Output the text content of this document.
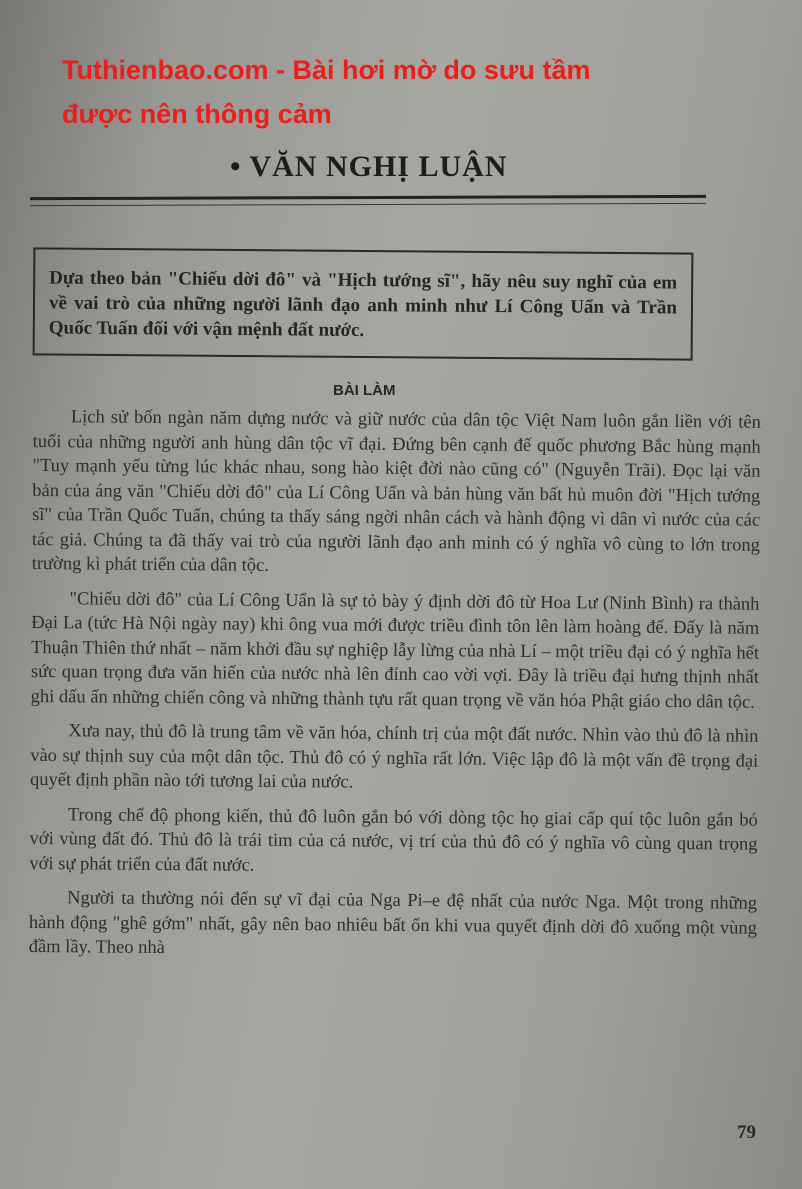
Tuthienbao.com - Bài hơi mờ do sưu tầm
được nên thông cảm
• VĂN NGHỊ LUẬN

Dựa theo bản "Chiếu dời đô" và "Hịch tướng sĩ", hãy nêu suy nghĩ của em về vai trò của những người lãnh đạo anh minh như Lí Công Uẩn và Trần Quốc Tuấn đối với vận mệnh đất nước.

BÀI LÀM

Lịch sử bốn ngàn năm dựng nước và giữ nước của dân tộc Việt Nam luôn gắn liền với tên tuổi của những người anh hùng dân tộc vĩ đại. Đứng bên cạnh đế quốc phương Bắc hùng mạnh "Tuy mạnh yếu từng lúc khác nhau, song hào kiệt đời nào cũng có" (Nguyễn Trãi). Đọc lại văn bản của áng văn "Chiếu dời đô" của Lí Công Uẩn và bản hùng văn bất hủ muôn đời "Hịch tướng sĩ" của Trần Quốc Tuấn, chúng ta thấy sáng ngời nhân cách và hành động vì dân vì nước của các tác giả. Chúng ta đã thấy vai trò của người lãnh đạo anh minh có ý nghĩa vô cùng to lớn trong trường kì phát triển của dân tộc.

"Chiếu dời đô" của Lí Công Uẩn là sự tỏ bày ý định dời đô từ Hoa Lư (Ninh Bình) ra thành Đại La (tức Hà Nội ngày nay) khi ông vua mới được triều đình tôn lên làm hoàng đế. Đấy là năm Thuận Thiên thứ nhất – năm khởi đầu sự nghiệp lẫy lừng của nhà Lí – một triều đại có ý nghĩa hết sức quan trọng đưa văn hiến của nước nhà lên đỉnh cao vời vợi. Đây là triều đại hưng thịnh nhất ghi dấu ấn những chiến công và những thành tựu rất quan trọng về văn hóa Phật giáo cho dân tộc.

Xưa nay, thủ đô là trung tâm về văn hóa, chính trị của một đất nước. Nhìn vào thủ đô là nhìn vào sự thịnh suy của một dân tộc. Thủ đô có ý nghĩa rất lớn. Việc lập đô là một vấn đề trọng đại quyết định phần nào tới tương lai của nước.

Trong chế độ phong kiến, thủ đô luôn gắn bó với dòng tộc họ giai cấp quí tộc luôn gắn bó với vùng đất đó. Thủ đô là trái tim của cả nước, vị trí của thủ đô có ý nghĩa vô cùng quan trọng với sự phát triển của đất nước.

Người ta thường nói đến sự vĩ đại của Nga Pi–e đệ nhất của nước Nga. Một trong những hành động "ghê gớm" nhất, gây nên bao nhiêu bất ổn khi vua quyết định dời đô xuống một vùng đầm lầy. Theo nhà

79
